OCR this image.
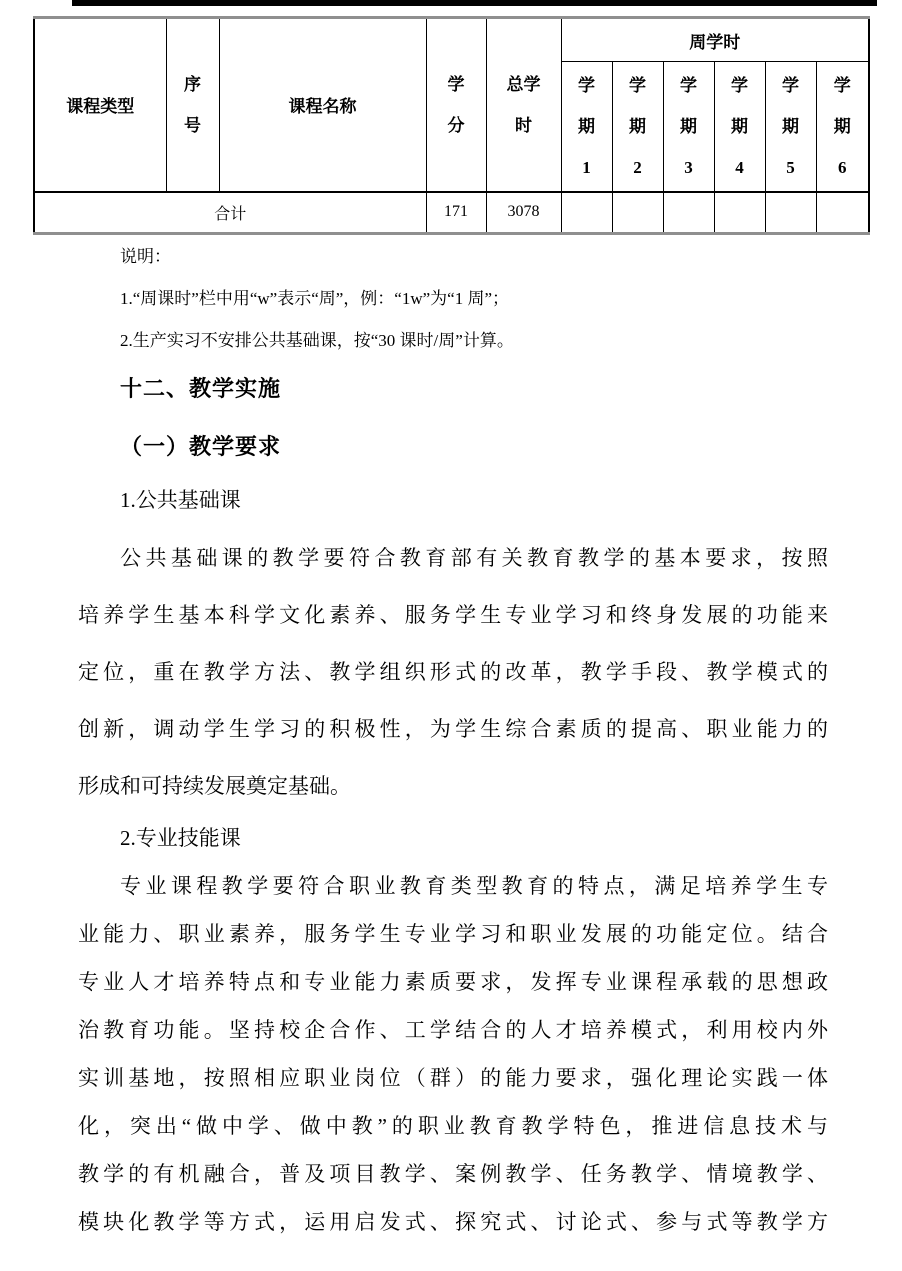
课程类型	序号	课程名称	学分	总学时	周学时					
					学期1	学期2	学期3	学期4	学期5	学期6
合计			171	3078						
说明：
1.“周课时”栏中用“w”表示“周”，例：“1w”为“1 周”；
2.生产实习不安排公共基础课，按“30 课时/周”计算。
十二、教学实施
（一）教学要求
1.公共基础课
公共基础课的教学要符合教育部有关教育教学的基本要求，按照
培养学生基本科学文化素养、服务学生专业学习和终身发展的功能来
定位，重在教学方法、教学组织形式的改革，教学手段、教学模式的
创新，调动学生学习的积极性，为学生综合素质的提高、职业能力的
形成和可持续发展奠定基础。
2.专业技能课
专业课程教学要符合职业教育类型教育的特点，满足培养学生专
业能力、职业素养，服务学生专业学习和职业发展的功能定位。结合
专业人才培养特点和专业能力素质要求，发挥专业课程承载的思想政
治教育功能。坚持校企合作、工学结合的人才培养模式，利用校内外
实训基地，按照相应职业岗位（群）的能力要求，强化理论实践一体
化，突出“做中学、做中教”的职业教育教学特色，推进信息技术与
教学的有机融合，普及项目教学、案例教学、任务教学、情境教学、
模块化教学等方式，运用启发式、探究式、讨论式、参与式等教学方
